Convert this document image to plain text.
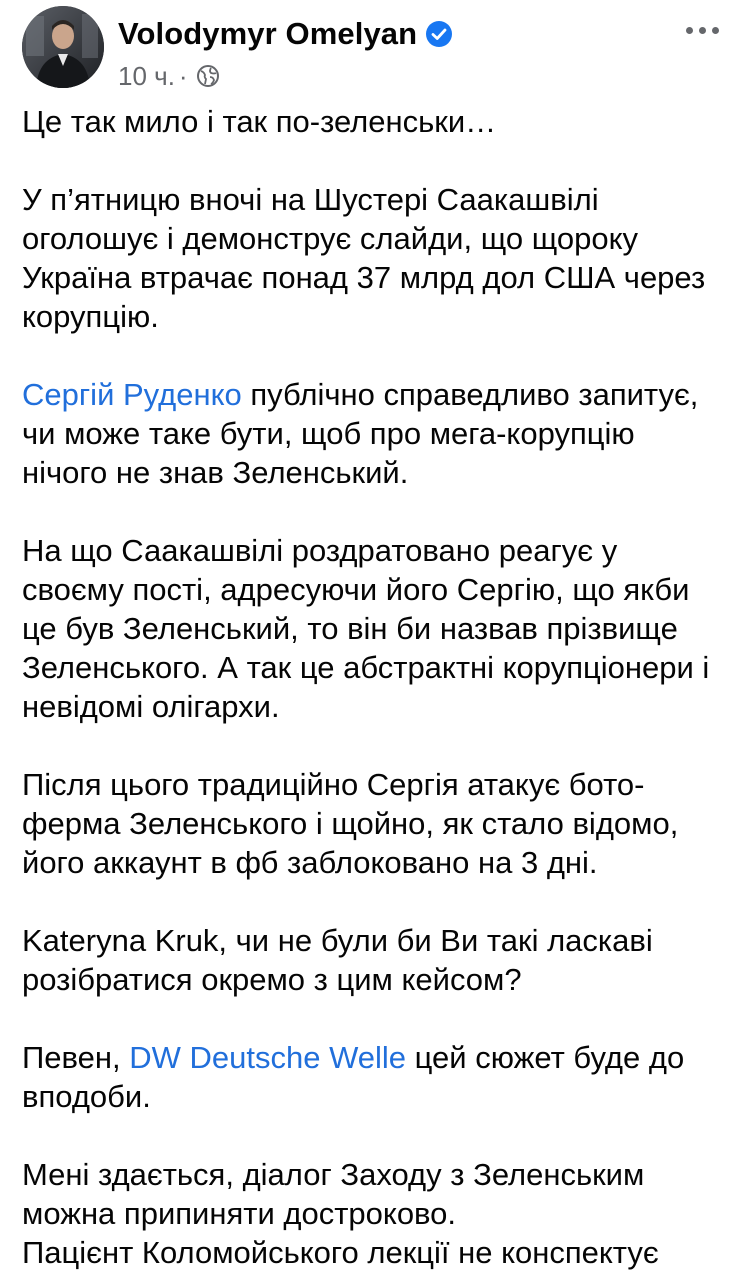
Volodymyr Omelyan
10 ч. ·
Це так мило і так по-зеленськи…
У п’ятницю вночі на Шустері Саакашвілі
оголошує і демонструє слайди, що щороку
Україна втрачає понад 37 млрд дол США через
корупцію.
Сергій Руденко публічно справедливо запитує,
чи може таке бути, щоб про мега-корупцію
нічого не знав Зеленський.
На що Саакашвілі роздратовано реагує у
своєму пості, адресуючи його Сергію, що якби
це був Зеленський, то він би назвав прізвище
Зеленського. А так це абстрактні корупціонери і
невідомі олігархи.
Після цього традиційно Сергія атакує бото-
ферма Зеленського і щойно, як стало відомо,
його аккаунт в фб заблоковано на 3 дні.
Kateryna Kruk, чи не були би Ви такі ласкаві
розібратися окремо з цим кейсом?
Певен, DW Deutsche Welle цей сюжет буде до
вподоби.
Мені здається, діалог Заходу з Зеленським
можна припиняти достроково.
Пацієнт Коломойського лекції не конспектує
